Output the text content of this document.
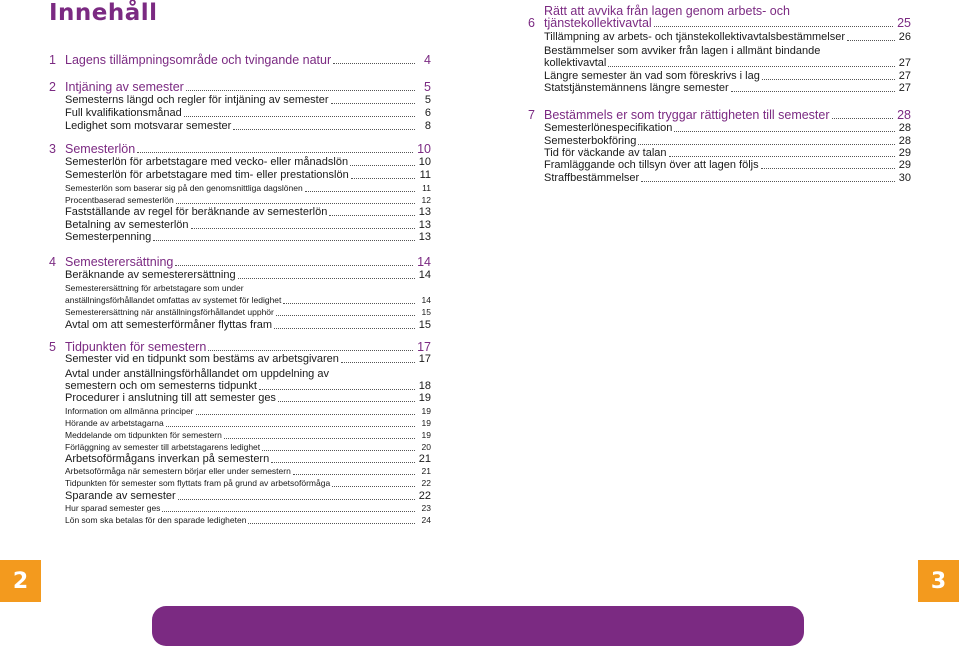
Innehåll
1 Lagens tillämpningsområde och tvingande natur	4
2 Intjäning av semester	5
Semesterns längd och regler för intjäning av semester	5
Full kvalifikationsmånad	6
Ledighet som motsvarar semester	8
3 Semesterlön	10
Semesterlön för arbetstagare med vecko- eller månadslön	10
Semesterlön för arbetstagare med tim- eller prestationslön	11
Semesterlön som baserar sig på den genomsnittliga dagslönen	11
Procentbaserad semesterlön	12
Fastställande av regel för beräknande av semesterlön	13
Betalning av semesterlön	13
Semesterpenning	13
4 Semesterersättning	14
Beräknande av semesterersättning	14
Semesterersättning för arbetstagare som under
anställningsförhållandet omfattas av systemet för ledighet	14
Semesterersättning när anställningsförhållandet upphör	15
Avtal om att semesterförmåner flyttas fram	15
5 Tidpunkten för semestern	17
Semester vid en tidpunkt som bestäms av arbetsgivaren	17
Avtal under anställningsförhållandet om uppdelning av
semestern och om semesterns tidpunkt	18
Procedurer i anslutning till att semester ges	19
Information om allmänna principer	19
Hörande av arbetstagarna	19
Meddelande om tidpunkten för semestern	19
Förläggning av semester till arbetstagarens ledighet	20
Arbetsoförmågans inverkan på semestern	21
Arbetsoförmåga när semestern börjar eller under semestern	21
Tidpunkten för semester som flyttats fram på grund av arbetsoförmåga	22
Sparande av semester	22
Hur sparad semester ges	23
Lön som ska betalas för den sparade ledigheten	24
Rätt att avvika från lagen genom arbets- och
6 tjänstekollektivavtal	25
Tillämpning av arbets- och tjänstekollektivavtalsbestämmelser	26
Bestämmelser som avviker från lagen i allmänt bindande
kollektivavtal	27
Längre semester än vad som föreskrivs i lag	27
Statstjänstemännens längre semester	27
7 Bestämmels er som tryggar rättigheten till semester	28
Semesterlönespecifikation	28
Semesterbokföring	28
Tid för väckande av talan	29
Framläggande och tillsyn över att lagen följs	29
Straffbestämmelser	30
2	3
